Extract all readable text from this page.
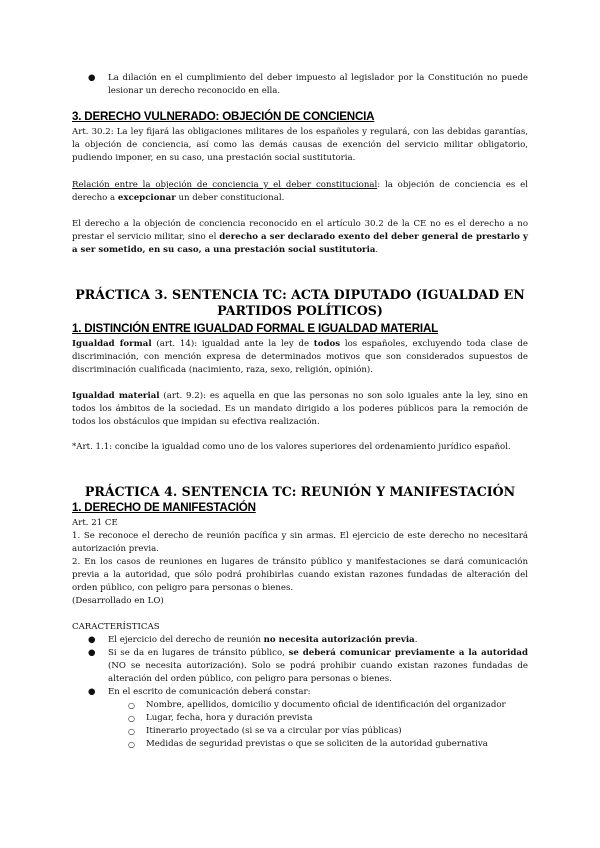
● La dilación en el cumplimiento del deber impuesto al legislador por la Constitución no puede lesionar un derecho reconocido en ella.
3. DERECHO VULNERADO: OBJECIÓN DE CONCIENCIA
Art. 30.2: La ley fijará las obligaciones militares de los españoles y regulará, con las debidas garantías, la objeción de conciencia, así como las demás causas de exención del servicio militar obligatorio, pudiendo imponer, en su caso, una prestación social sustitutoria.
Relación entre la objeción de conciencia y el deber constitucional: la objeción de conciencia es el derecho a excepcionar un deber constitucional.
El derecho a la objeción de conciencia reconocido en el artículo 30.2 de la CE no es el derecho a no prestar el servicio militar, sino el derecho a ser declarado exento del deber general de prestarlo y a ser sometido, en su caso, a una prestación social sustitutoria.
PRÁCTICA 3. SENTENCIA TC: ACTA DIPUTADO (IGUALDAD EN PARTIDOS POLÍTICOS)
1. DISTINCIÓN ENTRE IGUALDAD FORMAL E IGUALDAD MATERIAL
Igualdad formal (art. 14): igualdad ante la ley de todos los españoles, excluyendo toda clase de discriminación, con mención expresa de determinados motivos que son considerados supuestos de discriminación cualificada (nacimiento, raza, sexo, religión, opinión).
Igualdad material (art. 9.2): es aquella en que las personas no son solo iguales ante la ley, sino en todos los ámbitos de la sociedad. Es un mandato dirigido a los poderes públicos para la remoción de todos los obstáculos que impidan su efectiva realización.
*Art. 1.1: concibe la igualdad como uno de los valores superiores del ordenamiento jurídico español.
PRÁCTICA 4. SENTENCIA TC: REUNIÓN Y MANIFESTACIÓN
1. DERECHO DE MANIFESTACIÓN
Art. 21 CE
1. Se reconoce el derecho de reunión pacífica y sin armas. El ejercicio de este derecho no necesitará autorización previa.
2. En los casos de reuniones en lugares de tránsito público y manifestaciones se dará comunicación previa a la autoridad, que sólo podrá prohibirlas cuando existan razones fundadas de alteración del orden público, con peligro para personas o bienes.
(Desarrollado en LO)
CARACTERÍSTICAS
● El ejercicio del derecho de reunión no necesita autorización previa.
● Si se da en lugares de tránsito público, se deberá comunicar previamente a la autoridad (NO se necesita autorización). Solo se podrá prohibir cuando existan razones fundadas de alteración del orden público, con peligro para personas o bienes.
● En el escrito de comunicación deberá constar:
○ Nombre, apellidos, domicilio y documento oficial de identificación del organizador
○ Lugar, fecha, hora y duración prevista
○ Itinerario proyectado (si se va a circular por vías públicas)
○ Medidas de seguridad previstas o que se soliciten de la autoridad gubernativa
